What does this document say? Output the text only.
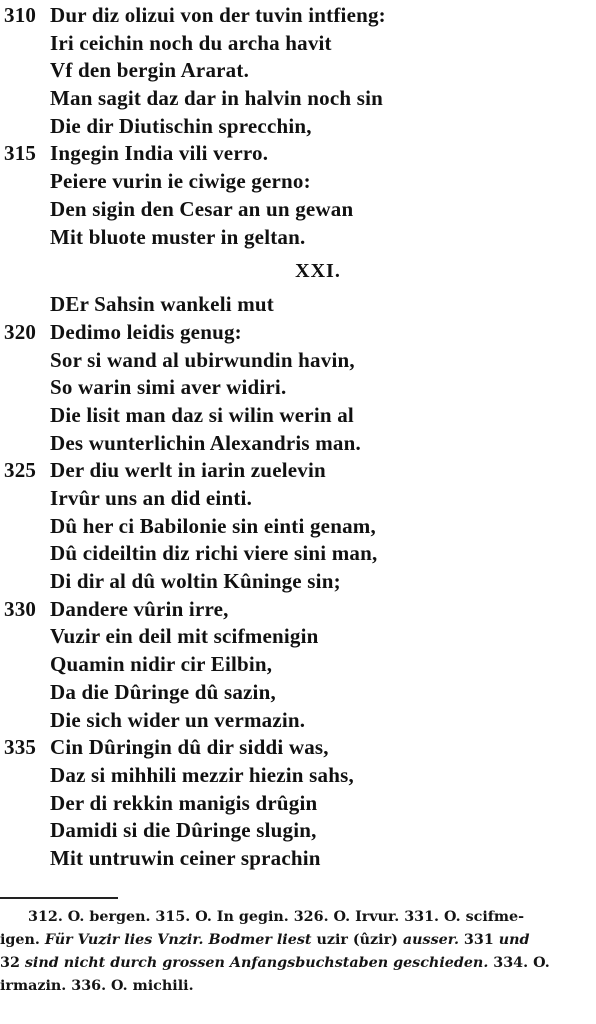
310 Dur diz olizui von der tuvin intfieng:
Iri ceichin noch du archa havit
Vf den bergin Ararat.
Man sagit daz dar in halvin noch sin
Die dir Diutischin sprecchin,
315 Ingegin India vili verro.
Peiere vurin ie ciwige gerno:
Den sigin den Cesar an un gewan
Mit bluote muster in geltan.
XXI.
DEr Sahsin wankeli mut
320 Dedimo leidis genug:
Sor si wand al ubirwundin havin,
So warin simi aver widiri.
Die lisit man daz si wilin werin al
Des wunterlichin Alexandris man.
325 Der diu werlt in iarin zuelevin
Irvûr uns an did einti.
Dû her ci Babilonie sin einti genam,
Dû cideiltin diz richi viere sini man,
Di dir al dû woltin Kûninge sin;
330 Dandere vûrin irre,
Vuzir ein deil mit scifmenigin
Quamin nidir cir Eilbin,
Da die Dûringe dû sazin,
Die sich wider un vermazin.
335 Cin Dûringin dû dir siddi was,
Daz si mihhili mezzir hiezin sahs,
Der di rekkin manigis drûgin
Damidi si die Dûringe slugin,
Mit untruwin ceiner sprachin
312. O. bergen. 315. O. In gegin. 326. O. Irvur. 331. O. scifme-
igen. Für Vuzir lies Vnzir. Bodmer liest uzir (ûzir) ausser. 331 und
32 sind nicht durch grossen Anfangsbuchstaben geschieden. 334. O.
irmazin. 336. O. michili.
